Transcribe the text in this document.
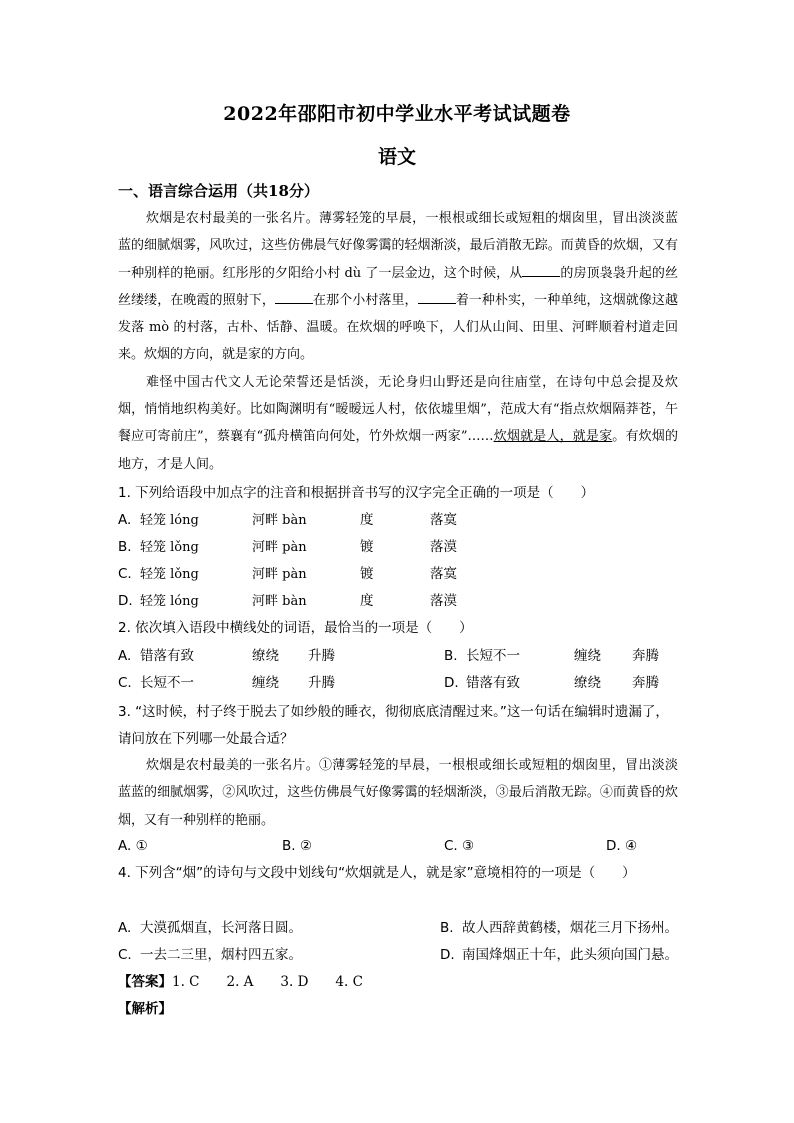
2022年邵阳市初中学业水平考试试题卷
语文
一、语言综合运用（共18分）

炊烟是农村最美的一张名片。薄雾轻笼的早晨，一根根或细长或短粗的烟囱里，冒出淡淡蓝蓝的细腻烟雾，风吹过，这些仿佛晨气好像雾霭的轻烟渐淡，最后消散无踪。而黄昏的炊烟，又有一种别样的艳丽。红彤彤的夕阳给小村 dù 了一层金边，这个时候，从	的房顶袅袅升起的丝丝缕缕，在晚霞的照射下，	在那个小村落里，	着一种朴实，一种单纯，这烟就像这越发落 mò 的村落，古朴、恬静、温暖。在炊烟的呼唤下，人们从山间、田里、河畔顺着村道走回来。炊烟的方向，就是家的方向。

难怪中国古代文人无论荣誓还是恬淡，无论身归山野还是向往庙堂，在诗句中总会提及炊烟，悄悄地织构美好。比如陶渊明有“暧暧远人村，依依墟里烟”，范成大有“指点炊烟隔莽苍，午餐应可寄前庄”，蔡襄有“孤舟横笛向何处，竹外炊烟一两家”……炊烟就是人，就是家。有炊烟的地方，才是人间。

1. 下列给语段中加点字的注音和根据拼音书写的汉字完全正确的一项是（　　）
A. 轻笼 lóng	河畔 bàn	度	落寞
B. 轻笼 lǒng	河畔 pàn	镀	落漠
C. 轻笼 lǒng	河畔 pàn	镀	落寞
D. 轻笼 lóng	河畔 bàn	度	落漠
2. 依次填入语段中横线处的词语，最恰当的一项是（　　）
A. 错落有致	缭绕 升腾	B. 长短不一	缠绕 奔腾
C. 长短不一	缠绕 升腾	D. 错落有致	缭绕 奔腾
3. “这时候，村子终于脱去了如纱般的睡衣，彻彻底底清醒过来。”这一句话在编辑时遗漏了，请问放在下列哪一处最合适？

炊烟是农村最美的一张名片。①薄雾轻笼的早晨，一根根或细长或短粗的烟囱里，冒出淡淡蓝蓝的细腻烟雾，②风吹过，这些仿佛晨气好像雾霭的轻烟渐淡，③最后消散无踪。④而黄昏的炊烟，又有一种别样的艳丽。

A. ①	B. ②	C. ③	D. ④
4. 下列含“烟”的诗句与文段中划线句“炊烟就是人，就是家”意境相符的一项是（　　）
A. 大漠孤烟直，长河落日圆。	B. 故人西辞黄鹤楼，烟花三月下扬州。
C. 一去二三里，烟村四五家。	D. 南国烽烟正十年，此头须向国门悬。
【答案】1. C　　2. A　　3. D　　4. C
【解析】
